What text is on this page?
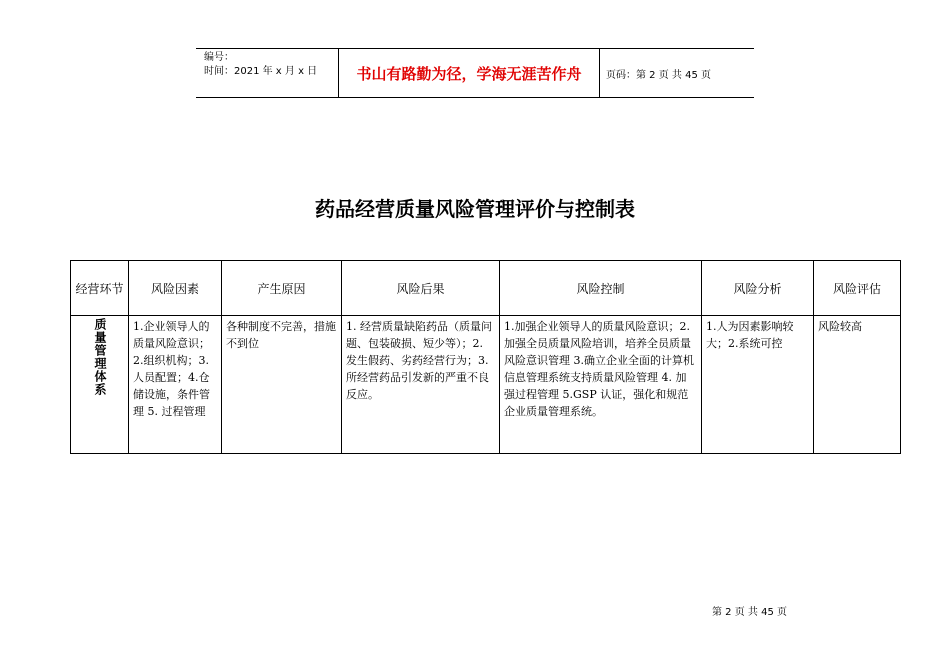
编号：
时间：2021 年 x 月 x 日	书山有路勤为径，学海无涯苦作舟	页码：第 2 页 共 45 页
药品经营质量风险管理评价与控制表
经营环节	风险因素	产生原因	风险后果	风险控制	风险分析	风险评估
质量管理体系	1.企业领导人的质量风险意识；2.组织机构；3.人员配置；4.仓储设施，条件管理 5. 过程管理	各种制度不完善，措施不到位	1. 经营质量缺陷药品（质量问题、包装破损、短少等）；2. 发生假药、劣药经营行为；3. 所经营药品引发新的严重不良反应。	1.加强企业领导人的质量风险意识；2.加强全员质量风险培训，培养全员质量风险意识管理 3.确立企业全面的计算机信息管理系统支持质量风险管理 4. 加强过程管理 5.GSP 认证，强化和规范企业质量管理系统。	1.人为因素影响较大；2.系统可控	风险较高
第 2 页 共 45 页
